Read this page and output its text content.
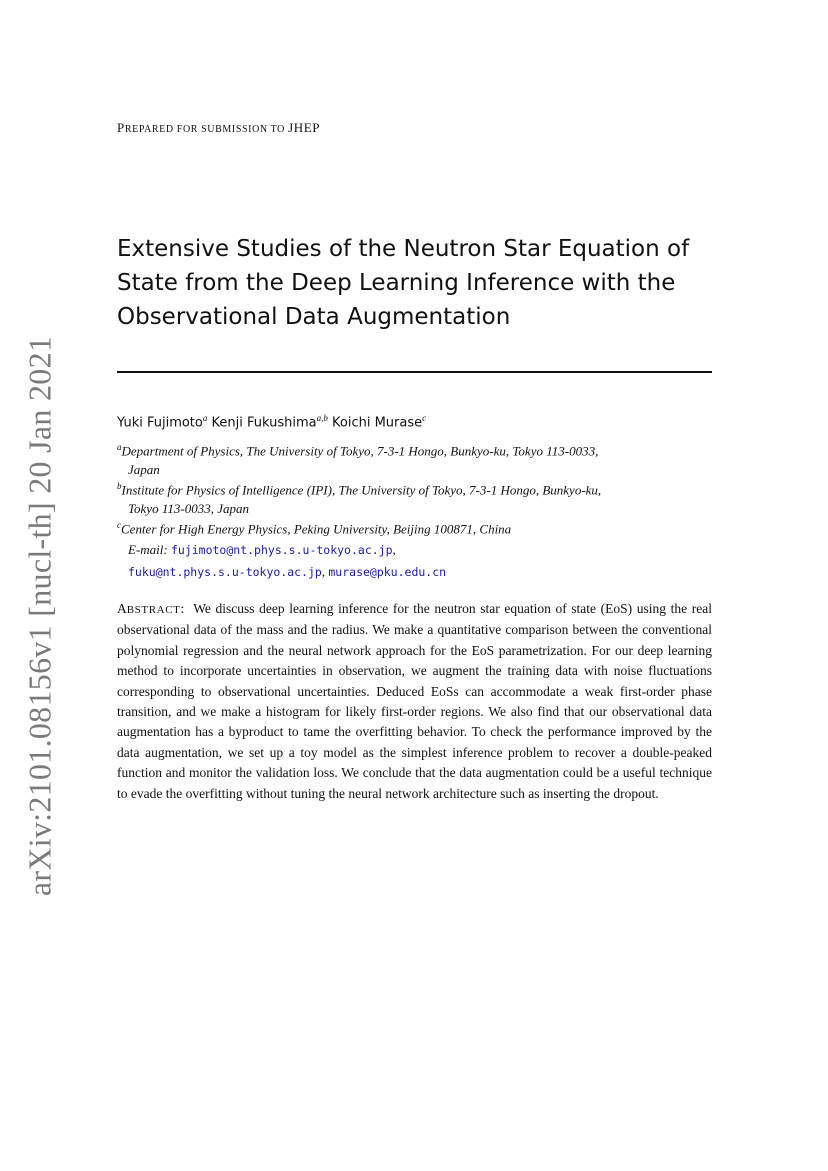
arXiv:2101.08156v1 [nucl-th] 20 Jan 2021
PREPARED FOR SUBMISSION TO JHEP
Extensive Studies of the Neutron Star Equation of
State from the Deep Learning Inference with the
Observational Data Augmentation
Yuki Fujimoto$^a$ Kenji Fukushima$^{a,b}$ Koichi Murase$^c$
$^a$Department of Physics, The University of Tokyo, 7-3-1 Hongo, Bunkyo-ku, Tokyo 113-0033,
Japan
$^b$Institute for Physics of Intelligence (IPI), The University of Tokyo, 7-3-1 Hongo, Bunkyo-ku,
Tokyo 113-0033, Japan
$^c$Center for High Energy Physics, Peking University, Beijing 100871, China
E-mail: fujimoto@nt.phys.s.u-tokyo.ac.jp,
fuku@nt.phys.s.u-tokyo.ac.jp, murase@pku.edu.cn
ABSTRACT: We discuss deep learning inference for the neutron star equation of state (EoS) using the real observational data of the mass and the radius. We make a quantitative comparison between the conventional polynomial regression and the neural network approach for the EoS parametrization. For our deep learning method to incorporate uncertainties in observation, we augment the training data with noise fluctuations corresponding to observational uncertainties. Deduced EoSs can accommodate a weak first-order phase transition, and we make a histogram for likely first-order regions. We also find that our observational data augmentation has a byproduct to tame the overfitting behavior. To check the performance improved by the data augmentation, we set up a toy model as the simplest inference problem to recover a double-peaked function and monitor the validation loss. We conclude that the data augmentation could be a useful technique to evade the overfitting without tuning the neural network architecture such as inserting the dropout.
